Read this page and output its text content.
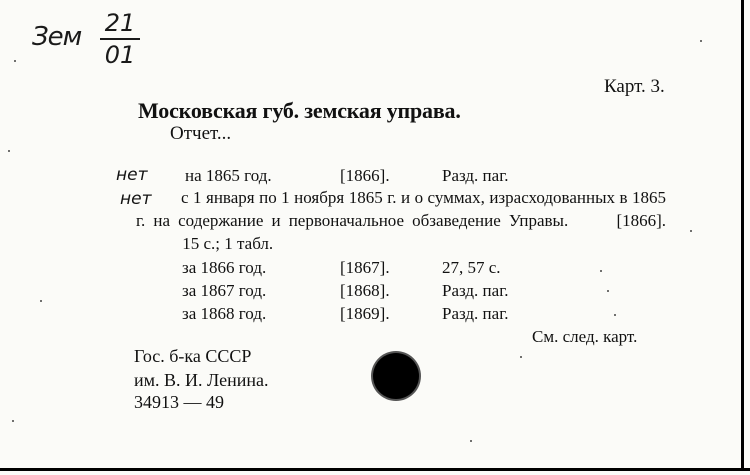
Зем 21
01
Карт. 3.
Московская губ. земская управа.
Отчет...
нет
нет
на 1865 год.	[1866].	Разд. паг.
с 1 января по 1 ноября 1865 г. и о суммах, израсходованных в 1865 г. на содержание и первоначальное обзаведение Управы.	[1866].  15 с.; 1 табл.
за 1866 год.	[1867].	27, 57 с.
за 1867 год.	[1868].	Разд. паг.
за 1868 год.	[1869].	Разд. паг.
См. след. карт.
Гос. б-ка СССР
им. В. И. Ленина.
34913 — 49
